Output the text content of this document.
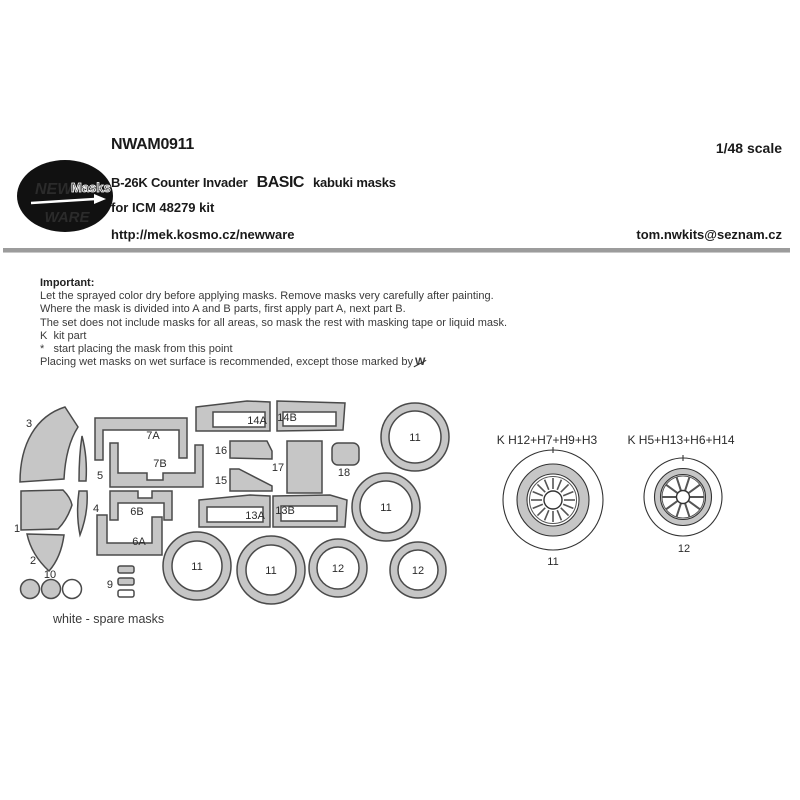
NEW
Masks
WARE
NWAM0911	1/48 scale
B-26K Counter Invader BASIC kabuki masks
for ICM 48279 kit
http://mek.kosmo.cz/newware	tom.nwkits@seznam.cz
Important:
Let the sprayed color dry before applying masks. Remove masks very carefully after painting.
Where the mask is divided into A and B parts, first apply part A, next part B.
The set does not include masks for all areas, so mask the rest with masking tape or liquid mask.
K  kit part
*   start placing the mask from this point
Placing wet masks on wet surface is recommended, except those marked by W
11
11
11	11	12	12
K H12+H7+H9+H3
11
K H5+H13+H6+H14
12
3
5
1
4
2
10
9
7A
7B
6B
6A
14A 14B
16
15
17	18
13A 13B
white - spare masks
